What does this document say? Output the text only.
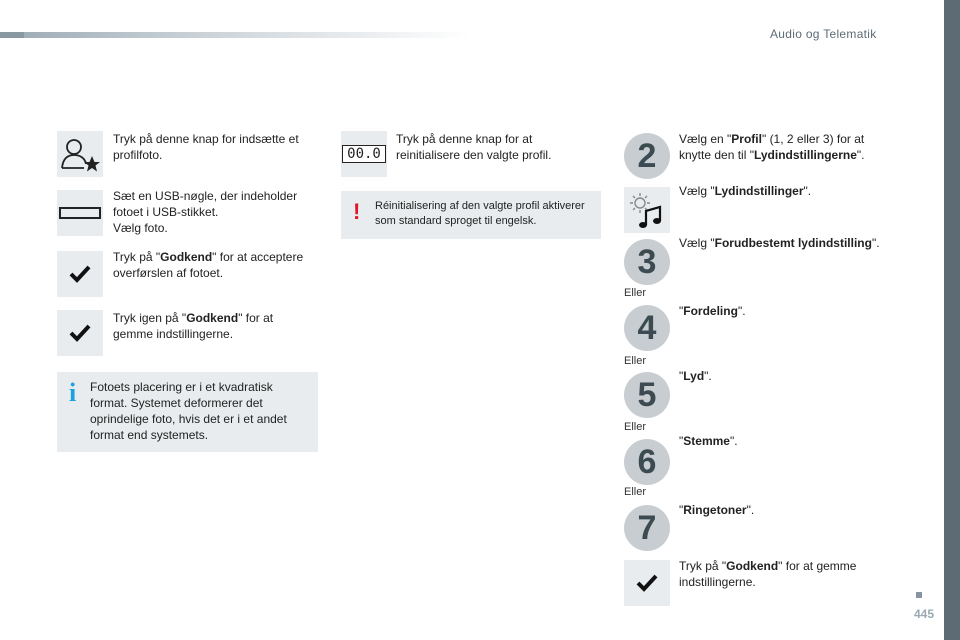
Audio og Telematik
445
Tryk på denne knap for indsætte et
profilfoto.
Sæt en USB-nøgle, der indeholder
fotoet i USB-stikket.
Vælg foto.
Tryk på "Godkend" for at acceptere
overførslen af fotoet.
Tryk igen på "Godkend" for at
gemme indstillingerne.
i Fotoets placering er i et kvadratisk
format. Systemet deformerer det
oprindelige foto, hvis det er i et andet
format end systemets.
00.0
Tryk på denne knap for at
reinitialisere den valgte profil.
! Réinitialisering af den valgte profil aktiverer
som standard sproget til engelsk.
2	Vælg en "Profil" (1, 2 eller 3) for at
knytte den til "Lydindstillingerne".
Vælg "Lydindstillinger".
3	Vælg "Forudbestemt lydindstilling".
Eller
4	"Fordeling".
Eller
5	"Lyd".
Eller
6
"Stemme".
Eller
7	"Ringetoner".
Tryk på "Godkend" for at gemme
indstillingerne.
